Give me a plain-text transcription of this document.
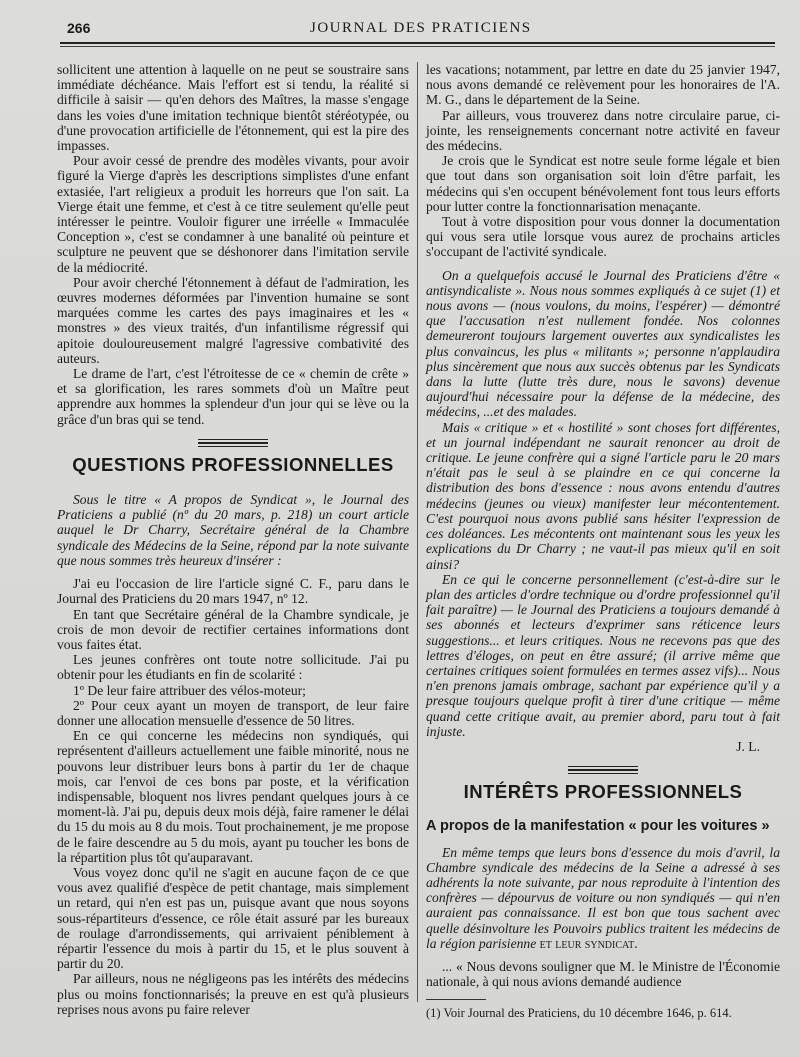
266	JOURNAL DES PRATICIENS

sollicitent une attention à laquelle on ne peut se soustraire sans immédiate déchéance. Mais l'effort est si tendu, la réalité si difficile à saisir — qu'en dehors des Maîtres, la masse s'engage dans les voies d'une imitation technique bientôt stéréotypée, ou d'une provocation artificielle de l'étonnement, qui est la pire des impasses.

Pour avoir cessé de prendre des modèles vivants, pour avoir figuré la Vierge d'après les descriptions simplistes d'une enfant extasiée, l'art religieux a produit les horreurs que l'on sait. La Vierge était une femme, et c'est à ce titre seulement qu'elle peut intéresser le peintre. Vouloir figurer une irréelle « Immaculée Conception », c'est se condamner à une banalité où peinture et sculpture ne peuvent que se déshonorer dans l'imitation servile de la médiocrité.

Pour avoir cherché l'étonnement à défaut de l'admiration, les œuvres modernes déformées par l'invention humaine se sont marquées comme les cartes des pays imaginaires et les « monstres » des vieux traités, d'un infantilisme régressif qui apitoie douloureusement malgré l'agressive combativité des auteurs.

Le drame de l'art, c'est l'étroitesse de ce « chemin de crête » et sa glorification, les rares sommets d'où un Maître peut apprendre aux hommes la splendeur d'un jour qui se lève ou la grâce d'un bras qui se tend.

QUESTIONS PROFESSIONNELLES

Sous le titre « A propos de Syndicat », le Journal des Praticiens a publié (nº du 20 mars, p. 218) un court article auquel le Dr Charry, Secrétaire général de la Chambre syndicale des Médecins de la Seine, répond par la note suivante que nous sommes très heureux d'insérer :

J'ai eu l'occasion de lire l'article signé C. F., paru dans le Journal des Praticiens du 20 mars 1947, nº 12.

En tant que Secrétaire général de la Chambre syndicale, je crois de mon devoir de rectifier certaines informations dont vous faites état.

Les jeunes confrères ont toute notre sollicitude. J'ai pu obtenir pour les étudiants en fin de scolarité :

1º De leur faire attribuer des vélos-moteur;

2º Pour ceux ayant un moyen de transport, de leur faire donner une allocation mensuelle d'essence de 50 litres.

En ce qui concerne les médecins non syndiqués, qui représentent d'ailleurs actuellement une faible minorité, nous ne pouvons leur distribuer leurs bons à partir du 1er de chaque mois, car l'envoi de ces bons par poste, et la vérification indispensable, bloquent nos livres pendant quelques jours à ce moment-là. J'ai pu, depuis deux mois déjà, faire ramener le délai du 15 du mois au 8 du mois. Tout prochainement, je me propose de le faire descendre au 5 du mois, ayant pu toucher les bons de la répartition plus tôt qu'auparavant.

Vous voyez donc qu'il ne s'agit en aucune façon de ce que vous avez qualifié d'espèce de petit chantage, mais simplement un retard, qui n'en est pas un, puisque avant que nous soyons sous-répartiteurs d'essence, ce rôle était assuré par les bureaux de roulage d'arrondissements, qui arrivaient péniblement à répartir l'essence du mois à partir du 15, et le plus souvent à partir du 20.

Par ailleurs, nous ne négligeons pas les intérêts des médecins plus ou moins fonctionnarisés; la preuve en est qu'à plusieurs reprises nous avons pu faire relever

les vacations; notamment, par lettre en date du 25 janvier 1947, nous avons demandé ce relèvement pour les honoraires de l'A. M. G., dans le département de la Seine.

Par ailleurs, vous trouverez dans notre circulaire parue, ci-jointe, les renseignements concernant notre activité en faveur des médecins.

Je crois que le Syndicat est notre seule forme légale et bien que tout dans son organisation soit loin d'être parfait, les médecins qui s'en occupent bénévolement font tous leurs efforts pour lutter contre la fonctionnarisation menaçante.

Tout à votre disposition pour vous donner la documentation qui vous sera utile lorsque vous aurez de prochains articles s'occupant de l'activité syndicale.

On a quelquefois accusé le Journal des Praticiens d'être « antisyndicaliste ». Nous nous sommes expliqués à ce sujet (1) et nous avons — (nous voulons, du moins, l'espérer) — démontré que l'accusation n'est nullement fondée. Nos colonnes demeureront toujours largement ouvertes aux syndicalistes les plus convaincus, les plus « militants »; personne n'applaudira plus sincèrement que nous aux succès obtenus par les Syndicats dans la lutte (lutte très dure, nous le savons) devenue aujourd'hui nécessaire pour la défense de la médecine, des médecins, ...et des malades.

Mais « critique » et « hostilité » sont choses fort différentes, et un journal indépendant ne saurait renoncer au droit de critique. Le jeune confrère qui a signé l'article paru le 20 mars n'était pas le seul à se plaindre en ce qui concerne la distribution des bons d'essence : nous avons entendu d'autres médecins (jeunes ou vieux) manifester leur mécontentement. C'est pourquoi nous avons publié sans hésiter l'expression de ces doléances. Les mécontents ont maintenant sous les yeux les explications du Dr Charry ; ne vaut-il pas mieux qu'il en soit ainsi?

En ce qui le concerne personnellement (c'est-à-dire sur le plan des articles d'ordre technique ou d'ordre professionnel qu'il fait paraître) — le Journal des Praticiens a toujours demandé à ses abonnés et lecteurs d'exprimer sans réticence leurs suggestions... et leurs critiques. Nous ne recevons pas que des lettres d'éloges, on peut en être assuré; (il arrive même que certaines critiques soient formulées en termes assez vifs)... Nous n'en prenons jamais ombrage, sachant par expérience qu'il y a presque toujours quelque profit à tirer d'une critique — même quand cette critique avait, au premier abord, paru tout à fait injuste.

J. L.

INTÉRÊTS PROFESSIONNELS
A propos de la manifestation « pour les voitures »

En même temps que leurs bons d'essence du mois d'avril, la Chambre syndicale des médecins de la Seine a adressé à ses adhérents la note suivante, par nous reproduite à l'intention des confrères — dépourvus de voiture ou non syndiqués — qui n'en auraient pas connaissance. Il est bon que tous sachent avec quelle désinvolture les Pouvoirs publics traitent les médecins de la région parisienne et leur syndicat.

... « Nous devons souligner que M. le Ministre de l'Économie nationale, à qui nous avions demandé audience

(1) Voir Journal des Praticiens, du 10 décembre 1646, p. 614.
